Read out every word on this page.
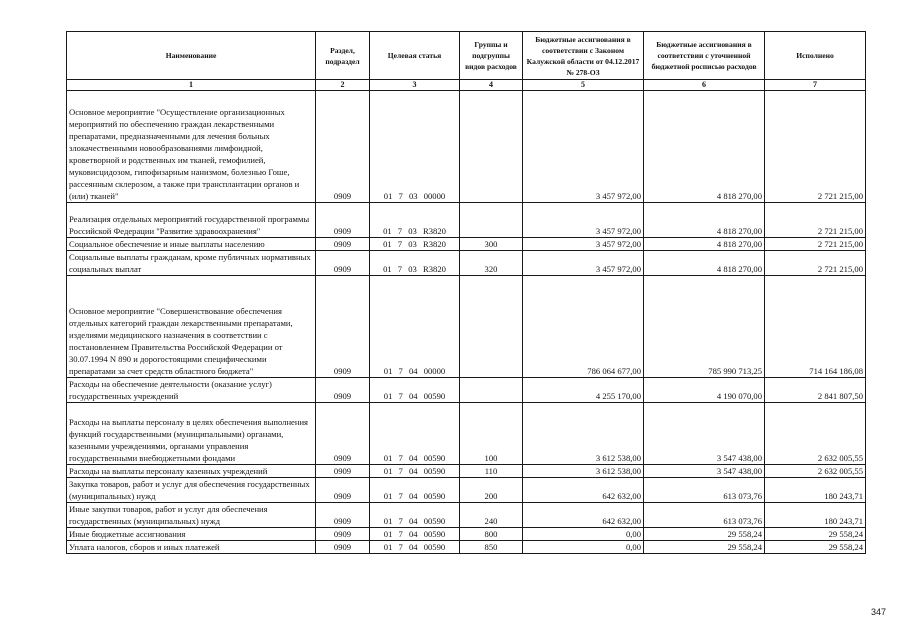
Наименование	Раздел, подраздел	Целевая статья	Группы и подгруппы видов расходов	Бюджетные ассигнования в соответствии с Законом Калужской области от 04.12.2017 № 278-ОЗ	Бюджетные ассигнования в соответствии с уточненной бюджетной росписью расходов	Исполнено
1	2	3	4	5	6	7
Основное мероприятие "Осуществление организационных мероприятий по обеспечению граждан лекарственными препаратами, предназначенными для лечения больных злокачественными новообразованиями лимфоидной, кроветворной и родственных им тканей, гемофилией, муковисцидозом, гипофизарным нанизмом, болезнью Гоше, рассеянным склерозом, а также при трансплантации органов и (или) тканей"	0909	01 7 03 00000		3 457 972,00	4 818 270,00	2 721 215,00
Реализация отдельных мероприятий государственной программы Российской Федерации "Развитие здравоохранения"	0909	01 7 03 R3820		3 457 972,00	4 818 270,00	2 721 215,00
Социальное обеспечение и иные выплаты населению	0909	01 7 03 R3820	300	3 457 972,00	4 818 270,00	2 721 215,00
Социальные выплаты гражданам, кроме публичных нормативных социальных выплат	0909	01 7 03 R3820	320	3 457 972,00	4 818 270,00	2 721 215,00
Основное мероприятие "Совершенствование обеспечения отдельных категорий граждан лекарственными препаратами, изделиями медицинского назначения в соответствии с постановлением Правительства Российской Федерации от 30.07.1994 N 890 и дорогостоящими специфическими препаратами за счет средств областного бюджета"	0909	01 7 04 00000		786 064 677,00	785 990 713,25	714 164 186,08
Расходы на обеспечение деятельности (оказание услуг) государственных учреждений	0909	01 7 04 00590		4 255 170,00	4 190 070,00	2 841 807,50
Расходы на выплаты персоналу в целях обеспечения выполнения функций государственными (муниципальными) органами, казенными учреждениями, органами управления государственными внебюджетными фондами	0909	01 7 04 00590	100	3 612 538,00	3 547 438,00	2 632 005,55
Расходы на выплаты персоналу казенных учреждений	0909	01 7 04 00590	110	3 612 538,00	3 547 438,00	2 632 005,55
Закупка товаров, работ и услуг для обеспечения государственных (муниципальных) нужд	0909	01 7 04 00590	200	642 632,00	613 073,76	180 243,71
Иные закупки товаров, работ и услуг для обеспечения государственных (муниципальных) нужд	0909	01 7 04 00590	240	642 632,00	613 073,76	180 243,71
Иные бюджетные ассигнования	0909	01 7 04 00590	800	0,00	29 558,24	29 558,24
Уплата налогов, сборов и иных платежей	0909	01 7 04 00590	850	0,00	29 558,24	29 558,24
347
